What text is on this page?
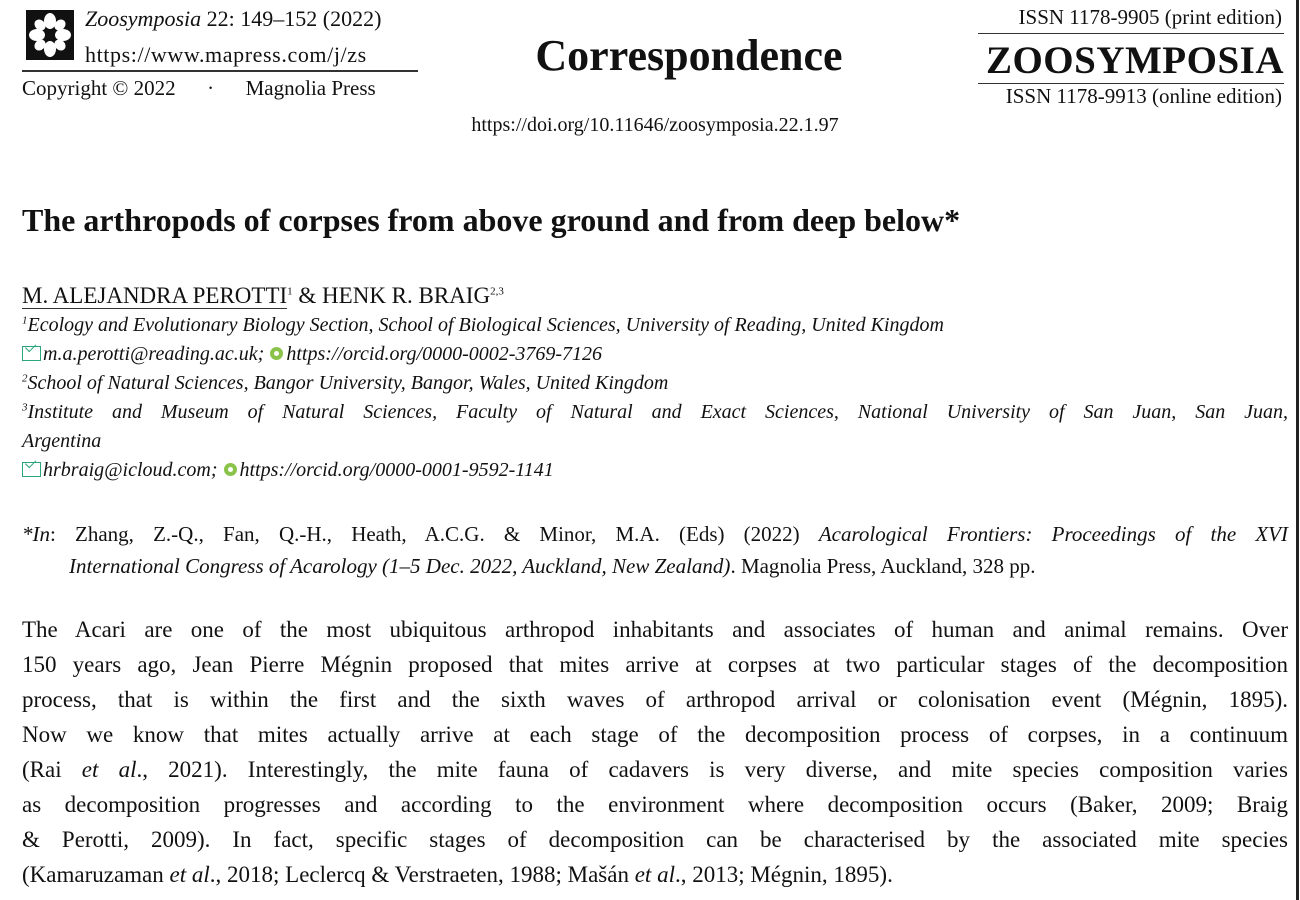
Zoosymposia 22: 149–152 (2022)
https://www.mapress.com/j/zs
Copyright © 2022 · Magnolia Press
Correspondence
https://doi.org/10.11646/zoosymposia.22.1.97
ISSN 1178-9905 (print edition)
ZOOSYMPOSIA
ISSN 1178-9913 (online edition)
The arthropods of corpses from above ground and from deep below*
M. ALEJANDRA PEROTTI$^1$ & HENK R. BRAIG$^{2,3}$
$^1$Ecology and Evolutionary Biology Section, School of Biological Sciences, University of Reading, United Kingdom
m.a.perotti@reading.ac.uk; https://orcid.org/0000-0002-3769-7126
$^2$School of Natural Sciences, Bangor University, Bangor, Wales, United Kingdom
$^3$Institute and Museum of Natural Sciences, Faculty of Natural and Exact Sciences, National University of San Juan, San Juan,
Argentina
hrbraig@icloud.com; https://orcid.org/0000-0001-9592-1141
*In: Zhang, Z.-Q., Fan, Q.-H., Heath, A.C.G. & Minor, M.A. (Eds) (2022) Acarological Frontiers: Proceedings of the XVI
International Congress of Acarology (1–5 Dec. 2022, Auckland, New Zealand). Magnolia Press, Auckland, 328 pp.
The Acari are one of the most ubiquitous arthropod inhabitants and associates of human and animal remains. Over
150 years ago, Jean Pierre Mégnin proposed that mites arrive at corpses at two particular stages of the decomposition
process, that is within the first and the sixth waves of arthropod arrival or colonisation event (Mégnin, 1895).
Now we know that mites actually arrive at each stage of the decomposition process of corpses, in a continuum
(Rai et al., 2021). Interestingly, the mite fauna of cadavers is very diverse, and mite species composition varies
as decomposition progresses and according to the environment where decomposition occurs (Baker, 2009; Braig
& Perotti, 2009). In fact, specific stages of decomposition can be characterised by the associated mite species
(Kamaruzaman et al., 2018; Leclercq & Verstraeten, 1988; Mašán et al., 2013; Mégnin, 1895).
